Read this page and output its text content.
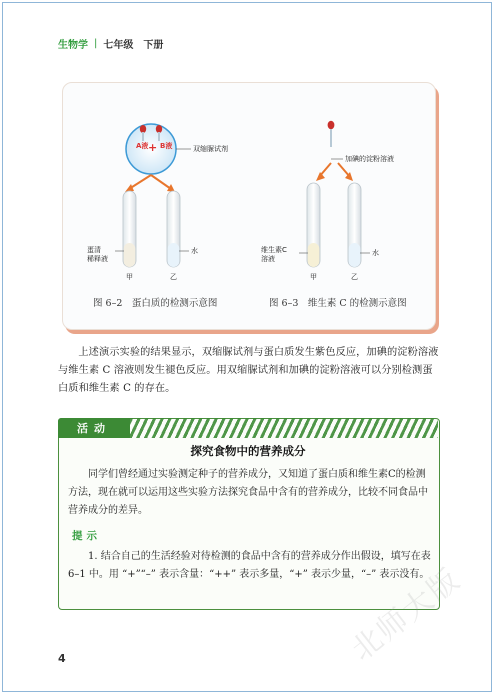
生物学 | 七年级　下册
A液 + B液	双缩脲试剂
蛋清
稀释液
水
甲	乙
图 6–2　蛋白质的检测示意图
加碘的淀粉溶液
维生素C
溶液
水
甲	乙
图 6–3　维生素 C 的检测示意图

上述演示实验的结果显示，双缩脲试剂与蛋白质发生紫色反应，加碘的淀粉溶液与维生素 C 溶液则发生褪色反应。用双缩脲试剂和加碘的淀粉溶液可以分别检测蛋白质和维生素 C 的存在。

活动
探究食物中的营养成分

同学们曾经通过实验测定种子的营养成分，又知道了蛋白质和维生素C的检测方法，现在就可以运用这些实验方法探究食品中含有的营养成分，比较不同食品中营养成分的差异。

提示

1. 结合自己的生活经验对待检测的食品中含有的营养成分作出假设，填写在表 6–1 中。用 “+”“–” 表示含量：“++” 表示多量，“+” 表示少量，“–” 表示没有。

4	北师大版
